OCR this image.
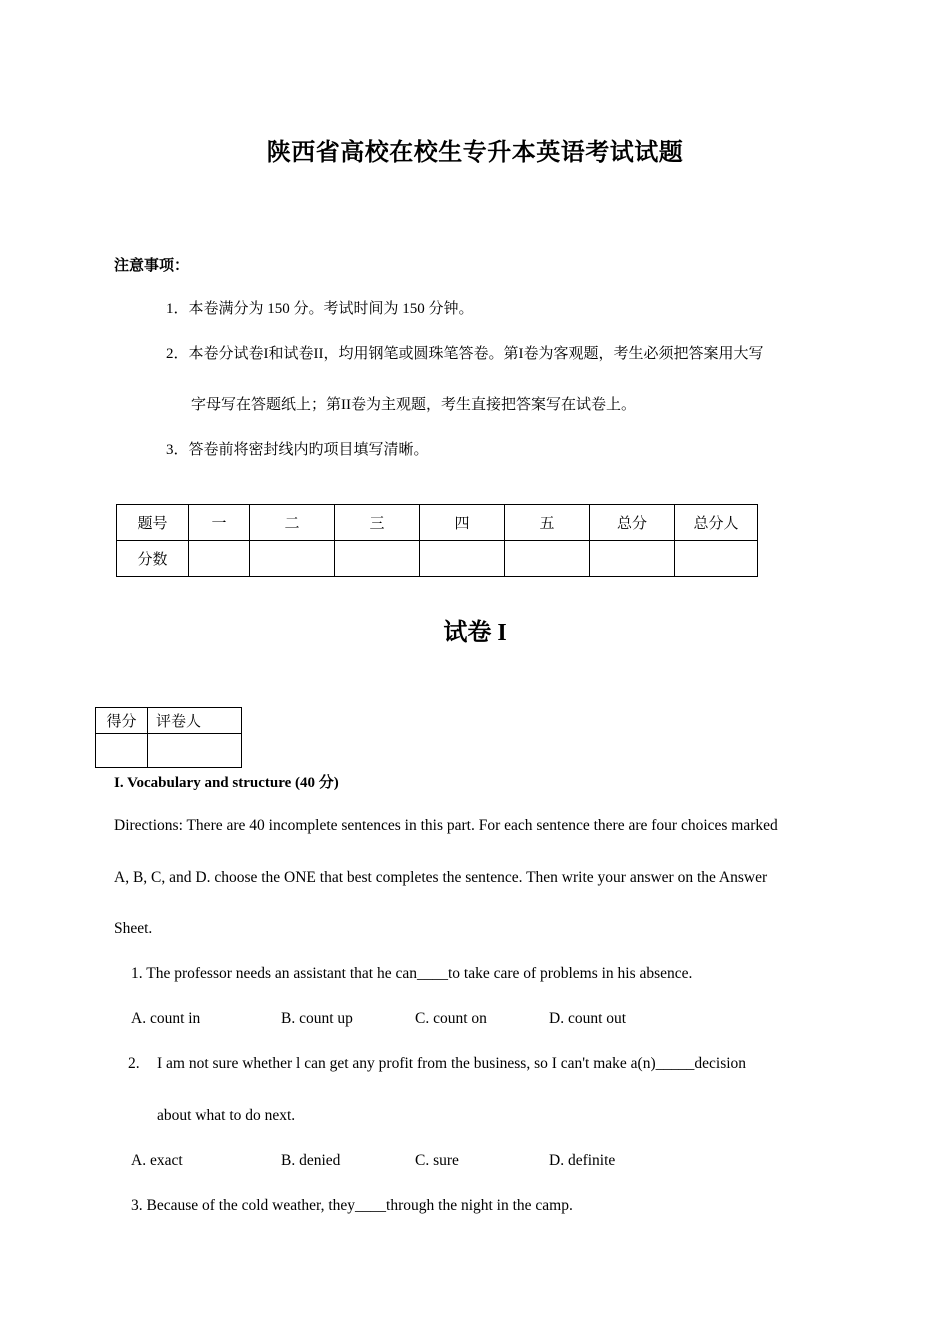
陕西省高校在校生专升本英语考试试题
注意事项：
1．本卷满分为 150 分。考试时间为 150 分钟。
2．本卷分试卷I和试卷II，均用钢笔或圆珠笔答卷。第I卷为客观题，考生必须把答案用大写
字母写在答题纸上；第II卷为主观题，考生直接把答案写在试卷上。
3．答卷前将密封线内旳项目填写清晰。
题号	一	二	三	四	五	总分	总分人
分数							
试卷 I
得分	评卷人

I. Vocabulary and structure (40 分)
Directions: There are 40 incomplete sentences in this part. For each sentence there are four choices marked
A, B, C, and D. choose the ONE that best completes the sentence. Then write your answer on the Answer
Sheet.
1. The professor needs an assistant that he can____to take care of problems in his absence.
A. count in	B. count up	C. count on	D. count out
2. I am not sure whether l can get any profit from the business, so I can't make a(n)_____decision
about what to do next.
A. exact	B. denied	C. sure	D. definite
3. Because of the cold weather, they____through the night in the camp.
